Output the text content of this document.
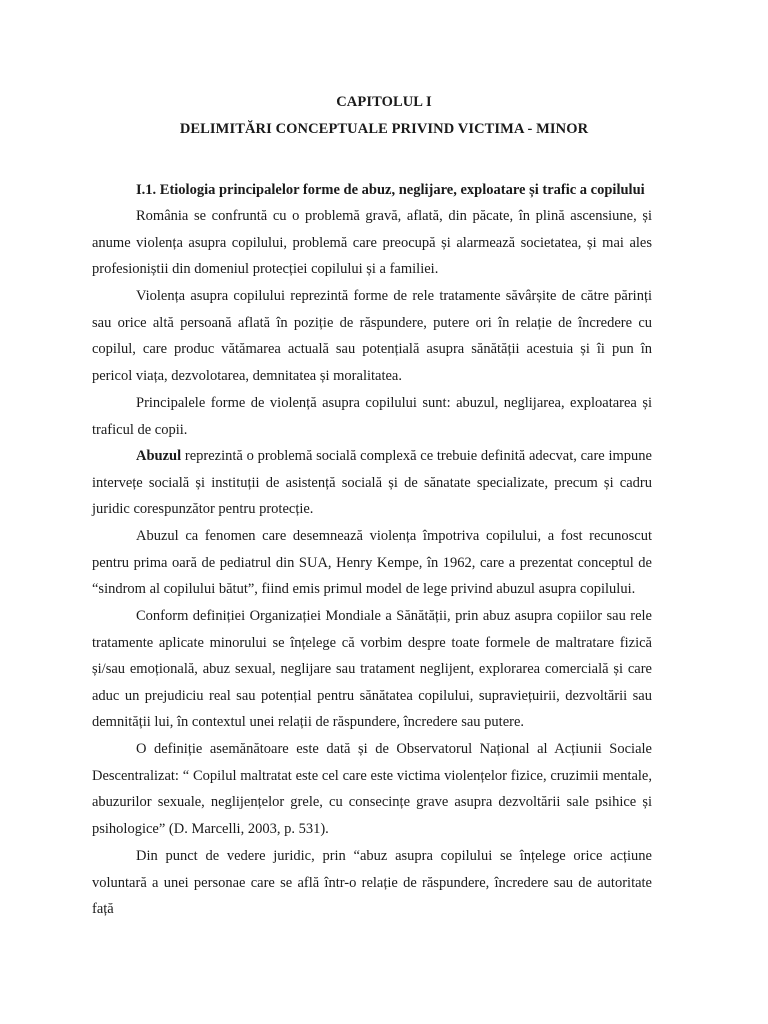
CAPITOLUL I
DELIMITĂRI CONCEPTUALE PRIVIND VICTIMA - MINOR
I.1. Etiologia principalelor forme de abuz, neglijare, exploatare și trafic a copilului
România se confruntă cu o problemă gravă, aflată, din păcate, în plină ascensiune, și anume violența asupra copilului, problemă care preocupă și alarmează societatea, și mai ales profesioniștii din domeniul protecției copilului și a familiei.
Violența asupra copilului reprezintă forme de rele tratamente săvârșite de către părinți sau orice altă persoană aflată în poziție de răspundere, putere ori în relație de încredere cu copilul, care produc vătămarea actuală sau potențială asupra sănătății acestuia și îi pun în pericol viața, dezvolotarea, demnitatea și moralitatea.
Principalele forme de violență asupra copilului sunt: abuzul, neglijarea, exploatarea și traficul de copii.
Abuzul reprezintă o problemă socială complexă ce trebuie definită adecvat, care impune intervețe socială și instituții de asistență socială și de sănatate specializate, precum și cadru juridic corespunzător pentru protecție.
Abuzul ca fenomen care desemnează violența împotriva copilului, a fost recunoscut pentru prima oară de pediatrul din SUA, Henry Kempe, în 1962, care a prezentat conceptul de “sindrom al copilului bătut”, fiind emis primul model de lege privind abuzul asupra copilului.
Conform definiției Organizației Mondiale a Sănătății, prin abuz asupra copiilor sau rele tratamente aplicate minorului se înțelege că vorbim despre toate formele de maltratare fizică și/sau emoțională, abuz sexual, neglijare sau tratament neglijent, explorarea comercială și care aduc un prejudiciu real sau potențial pentru sănătatea copilului, supraviețuirii, dezvoltării sau demnității lui, în contextul unei relații de răspundere, încredere sau putere.
O definiție asemănătoare este dată și de Observatorul Național al Acțiunii Sociale Descentralizat: “ Copilul maltratat este cel care este victima violențelor fizice, cruzimii mentale, abuzurilor sexuale, neglijențelor grele, cu consecințe grave asupra dezvoltării sale psihice și psihologice” (D. Marcelli, 2003, p. 531).
Din punct de vedere juridic, prin “abuz asupra copilului se înțelege orice acțiune voluntară a unei personae care se află într-o relație de răspundere, încredere sau de autoritate față
